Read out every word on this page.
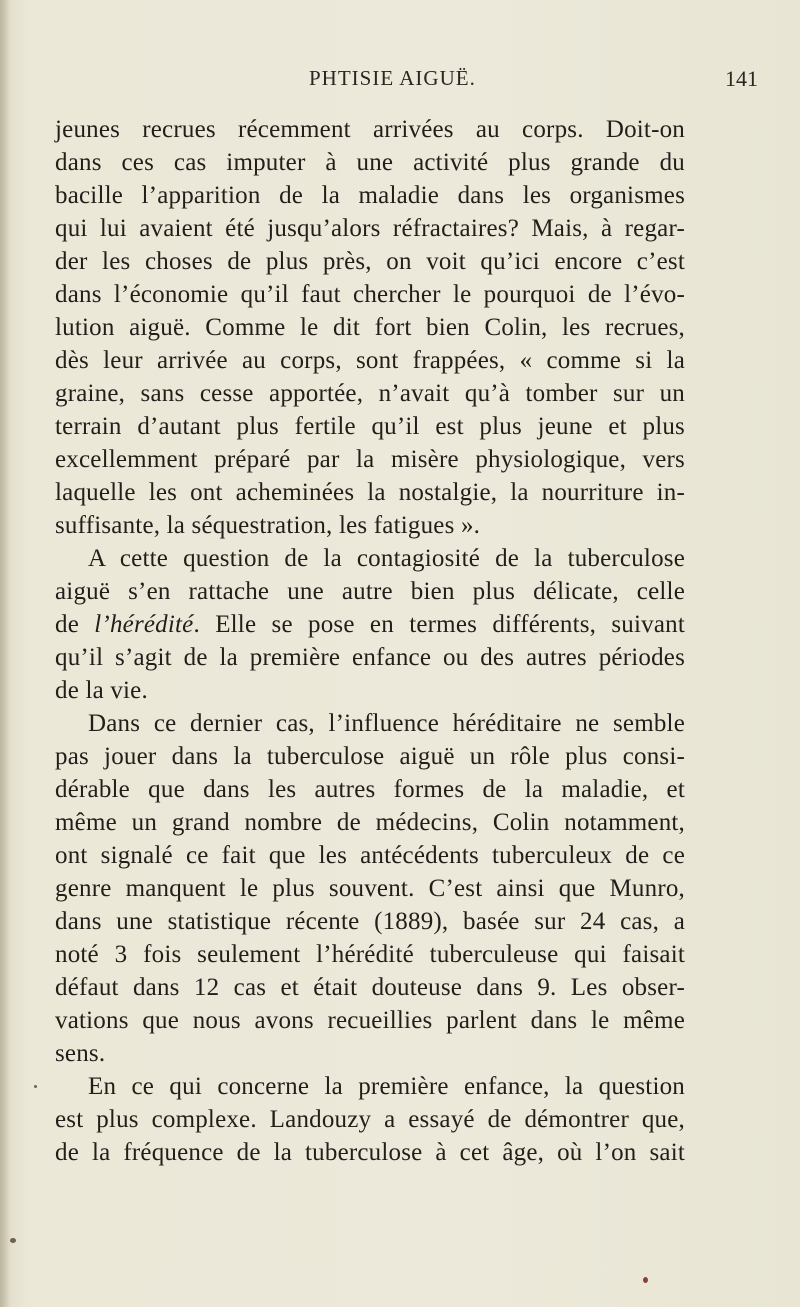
PHTISIE AIGUË.	141
jeunes recrues récemment arrivées au corps. Doit-on
dans ces cas imputer à une activité plus grande du
bacille l’apparition de la maladie dans les organismes
qui lui avaient été jusqu’alors réfractaires? Mais, à regar-
der les choses de plus près, on voit qu’ici encore c’est
dans l’économie qu’il faut chercher le pourquoi de l’évo-
lution aiguë. Comme le dit fort bien Colin, les recrues,
dès leur arrivée au corps, sont frappées, « comme si la
graine, sans cesse apportée, n’avait qu’à tomber sur un
terrain d’autant plus fertile qu’il est plus jeune et plus
excellemment préparé par la misère physiologique, vers
laquelle les ont acheminées la nostalgie, la nourriture in-
suffisante, la séquestration, les fatigues ».
A cette question de la contagiosité de la tuberculose
aiguë s’en rattache une autre bien plus délicate, celle
de l’hérédité. Elle se pose en termes différents, suivant
qu’il s’agit de la première enfance ou des autres périodes
de la vie.
Dans ce dernier cas, l’influence héréditaire ne semble
pas jouer dans la tuberculose aiguë un rôle plus consi-
dérable que dans les autres formes de la maladie, et
même un grand nombre de médecins, Colin notamment,
ont signalé ce fait que les antécédents tuberculeux de ce
genre manquent le plus souvent. C’est ainsi que Munro,
dans une statistique récente (1889), basée sur 24 cas, a
noté 3 fois seulement l’hérédité tuberculeuse qui faisait
défaut dans 12 cas et était douteuse dans 9. Les obser-
vations que nous avons recueillies parlent dans le même
sens.
En ce qui concerne la première enfance, la question
est plus complexe. Landouzy a essayé de démontrer que,
de la fréquence de la tuberculose à cet âge, où l’on sait
